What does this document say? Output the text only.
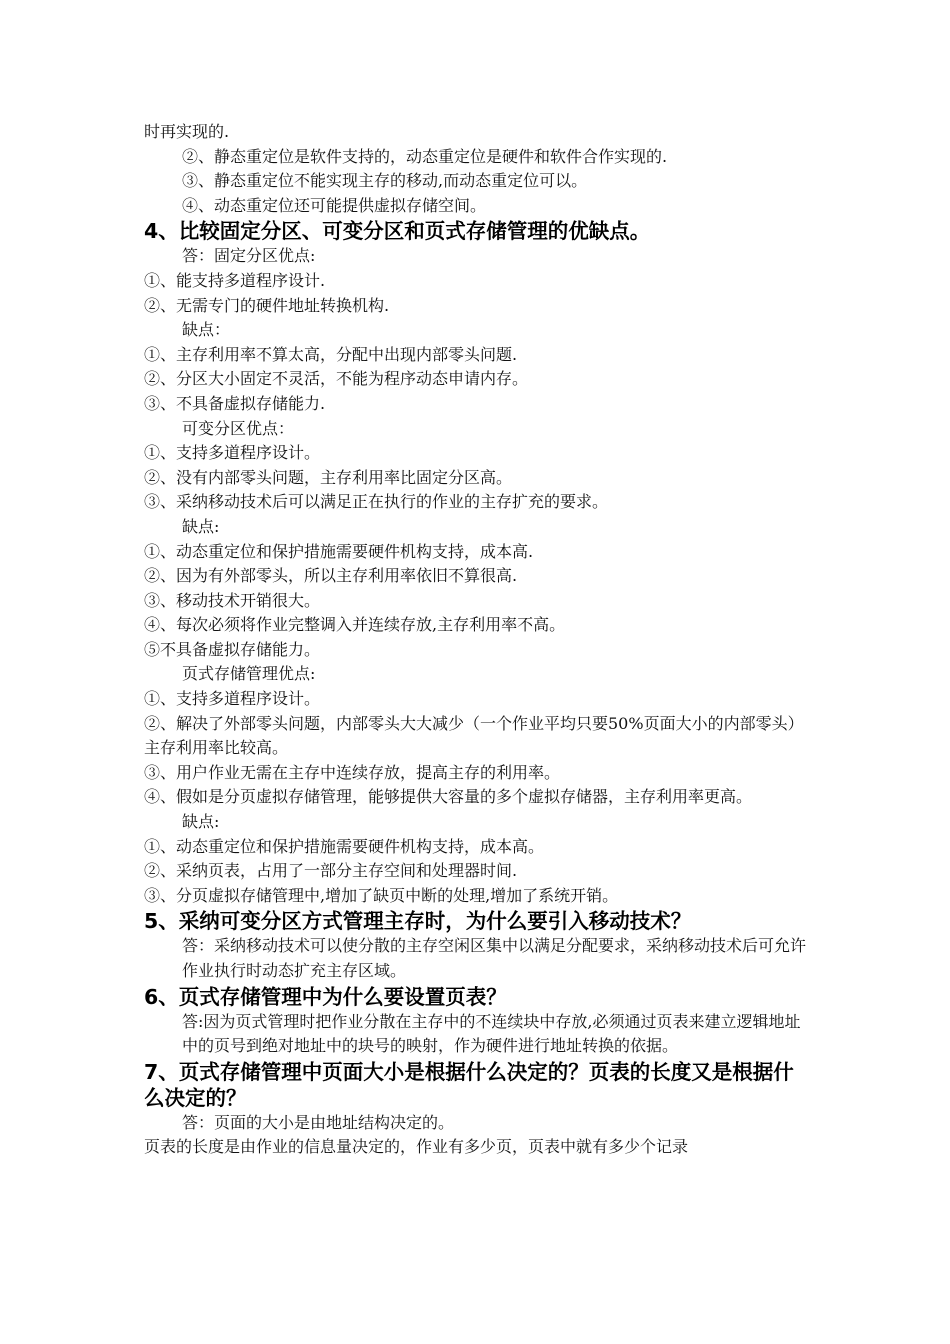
时再实现的.

②、静态重定位是软件支持的，动态重定位是硬件和软件合作实现的.

③、静态重定位不能实现主存的移动,而动态重定位可以。

④、动态重定位还可能提供虚拟存储空间。

4、比较固定分区、可变分区和页式存储管理的优缺点。

答：固定分区优点:

①、能支持多道程序设计.

②、无需专门的硬件地址转换机构.

缺点：

①、主存利用率不算太高，分配中出现内部零头问题.

②、分区大小固定不灵活，不能为程序动态申请内存。

③、不具备虚拟存储能力.

可变分区优点：

①、支持多道程序设计。

②、没有内部零头问题，主存利用率比固定分区高。

③、采纳移动技术后可以满足正在执行的作业的主存扩充的要求。

缺点:

①、动态重定位和保护措施需要硬件机构支持，成本高.

②、因为有外部零头，所以主存利用率依旧不算很高.

③、移动技术开销很大。

④、每次必须将作业完整调入并连续存放,主存利用率不高。

⑤不具备虚拟存储能力。

页式存储管理优点:

①、支持多道程序设计。

②、解决了外部零头问题，内部零头大大减少（一个作业平均只要50%页面大小的内部零头）主存利用率比较高。

③、用户作业无需在主存中连续存放，提高主存的利用率。

④、假如是分页虚拟存储管理，能够提供大容量的多个虚拟存储器，主存利用率更高。

缺点:

①、动态重定位和保护措施需要硬件机构支持，成本高。

②、采纳页表，占用了一部分主存空间和处理器时间.

③、分页虚拟存储管理中,增加了缺页中断的处理,增加了系统开销。

5、采纳可变分区方式管理主存时，为什么要引入移动技术？

答：采纳移动技术可以使分散的主存空闲区集中以满足分配要求，采纳移动技术后可允许作业执行时动态扩充主存区域。

6、页式存储管理中为什么要设置页表？

答:因为页式管理时把作业分散在主存中的不连续块中存放,必须通过页表来建立逻辑地址中的页号到绝对地址中的块号的映射，作为硬件进行地址转换的依据。

7、页式存储管理中页面大小是根据什么决定的？页表的长度又是根据什么决定的？

答：页面的大小是由地址结构决定的。

页表的长度是由作业的信息量决定的，作业有多少页，页表中就有多少个记录
